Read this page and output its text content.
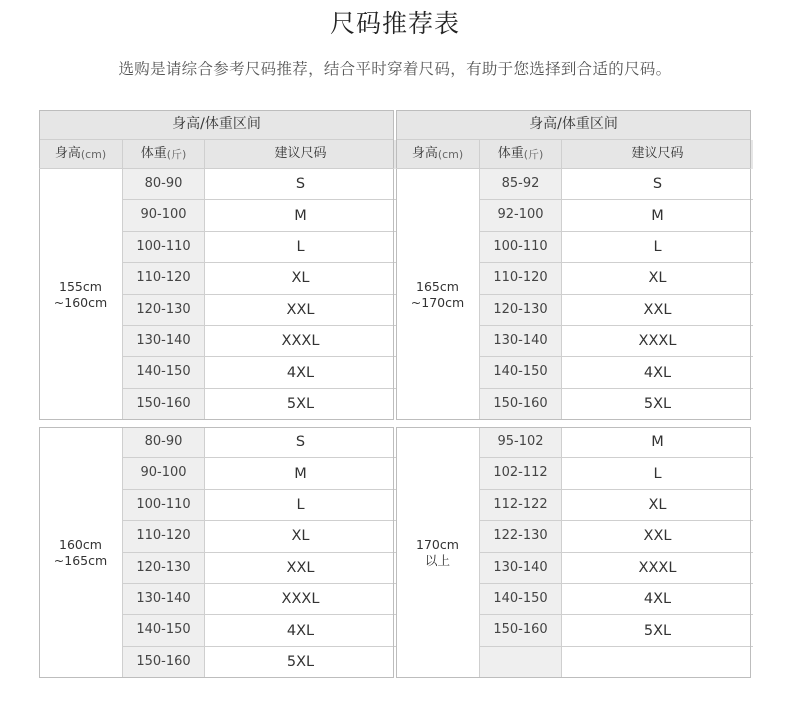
尺码推荐表
选购是请综合参考尺码推荐，结合平时穿着尺码，有助于您选择到合适的尺码。
身高/体重区间
身高 (cm)	体重 (斤)	建议尺码
身高/体重区间
身高 (cm)	体重 (斤)	建议尺码
155cm
~160cm
80-90	S
90-100	M
100-110	L
110-120	XL
120-130	XXL
130-140	XXXL
140-150	4XL
150-160	5XL
165cm
~170cm
85-92	S
92-100	M
100-110	L
110-120	XL
120-130	XXL
130-140	XXXL
140-150	4XL
150-160	5XL
160cm
~165cm
80-90	S
90-100	M
100-110	L
110-120	XL
120-130	XXL
130-140	XXXL
140-150	4XL
150-160	5XL
170cm
以上
95-102	M
102-112	L
112-122	XL
122-130	XXL
130-140	XXXL
140-150	4XL
150-160	5XL
